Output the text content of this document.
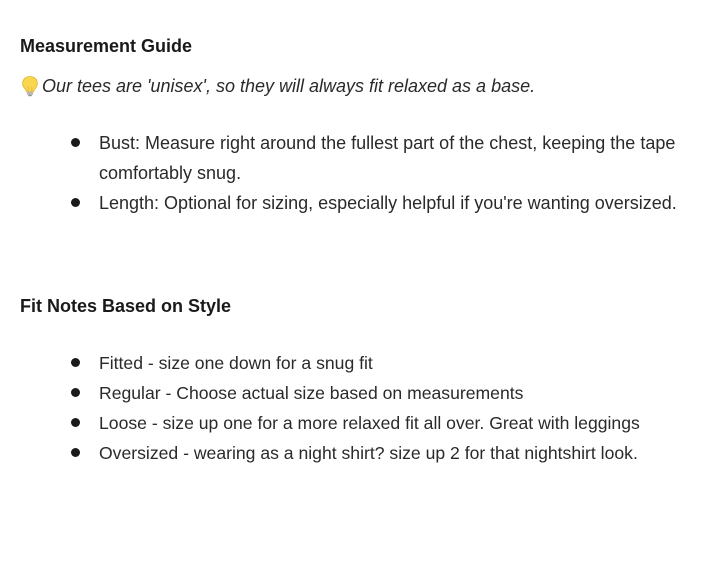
Measurement Guide
Our tees are 'unisex', so they will always fit relaxed as a base.
Bust: Measure right around the fullest part of the chest, keeping the tape comfortably snug.
Length: Optional for sizing, especially helpful if you're wanting oversized.
Fit Notes Based on Style
Fitted - size one down for a snug fit
Regular - Choose actual size based on measurements
Loose - size up one for a more relaxed fit all over. Great with leggings
Oversized - wearing as a night shirt? size up 2 for that nightshirt look.
